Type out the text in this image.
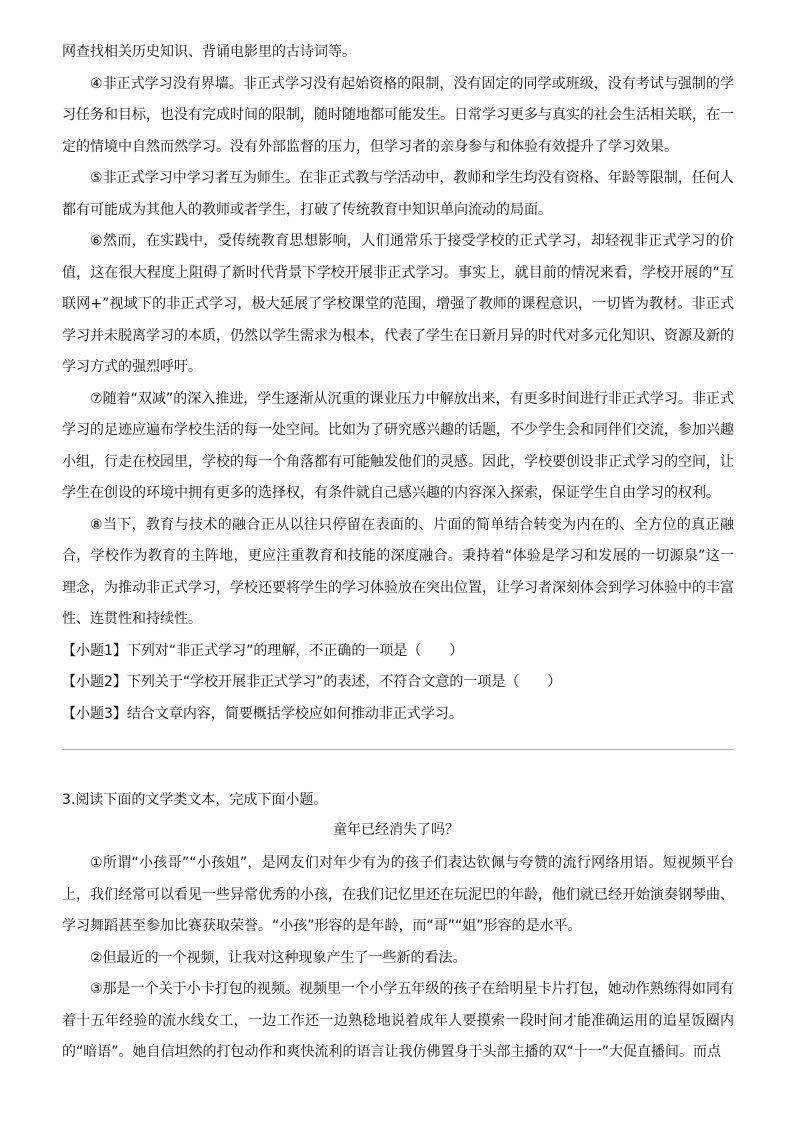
网查找相关历史知识、背诵电影里的古诗词等。

④非正式学习没有界墙。非正式学习没有起始资格的限制，没有固定的同学或班级，没有考试与强制的学习任务和目标，也没有完成时间的限制，随时随地都可能发生。日常学习更多与真实的社会生活相关联，在一定的情境中自然而然学习。没有外部监督的压力，但学习者的亲身参与和体验有效提升了学习效果。

⑤非正式学习中学习者互为师生。在非正式教与学活动中，教师和学生均没有资格、年龄等限制，任何人都有可能成为其他人的教师或者学生，打破了传统教育中知识单向流动的局面。

⑥然而，在实践中，受传统教育思想影响，人们通常乐于接受学校的正式学习，却轻视非正式学习的价值，这在很大程度上阻碍了新时代背景下学校开展非正式学习。事实上，就目前的情况来看，学校开展的“互联网+”视域下的非正式学习，极大延展了学校课堂的范围，增强了教师的课程意识，一切皆为教材。非正式学习并未脱离学习的本质，仍然以学生需求为根本，代表了学生在日新月异的时代对多元化知识、资源及新的学习方式的强烈呼吁。

⑦随着“双减”的深入推进，学生逐渐从沉重的课业压力中解放出来，有更多时间进行非正式学习。非正式学习的足迹应遍布学校生活的每一处空间。比如为了研究感兴趣的话题，不少学生会和同伴们交流，参加兴趣小组，行走在校园里，学校的每一个角落都有可能触发他们的灵感。因此，学校要创设非正式学习的空间，让学生在创设的环境中拥有更多的选择权，有条件就自己感兴趣的内容深入探索，保证学生自由学习的权利。

⑧当下，教育与技术的融合正从以往只停留在表面的、片面的简单结合转变为内在的、全方位的真正融合，学校作为教育的主阵地，更应注重教育和技能的深度融合。秉持着“体验是学习和发展的一切源泉”这一理念，为推动非正式学习，学校还要将学生的学习体验放在突出位置，让学习者深刻体会到学习体验中的丰富性、连贯性和持续性。

【小题1】下列对“非正式学习”的理解，不正确的一项是（　　）

【小题2】下列关于“学校开展非正式学习”的表述，不符合文意的一项是（　　）

【小题3】结合文章内容，简要概括学校应如何推动非正式学习。

3.阅读下面的文学类文本，完成下面小题。

童年已经消失了吗？

①所谓“小孩哥”“小孩姐”，是网友们对年少有为的孩子们表达钦佩与夸赞的流行网络用语。短视频平台上，我们经常可以看见一些异常优秀的小孩，在我们记忆里还在玩泥巴的年龄，他们就已经开始演奏钢琴曲、学习舞蹈甚至参加比赛获取荣誉。“小孩”形容的是年龄，而“哥”“姐”形容的是水平。

②但最近的一个视频，让我对这种现象产生了一些新的看法。

③那是一个关于小卡打包的视频。视频里一个小学五年级的孩子在给明星卡片打包，她动作熟练得如同有着十五年经验的流水线女工，一边工作还一边熟稔地说着成年人要摸索一段时间才能准确运用的追星饭圈内的“暗语”。她自信坦然的打包动作和爽快流利的语言让我仿佛置身于头部主播的双“十一”大促直播间。而点
